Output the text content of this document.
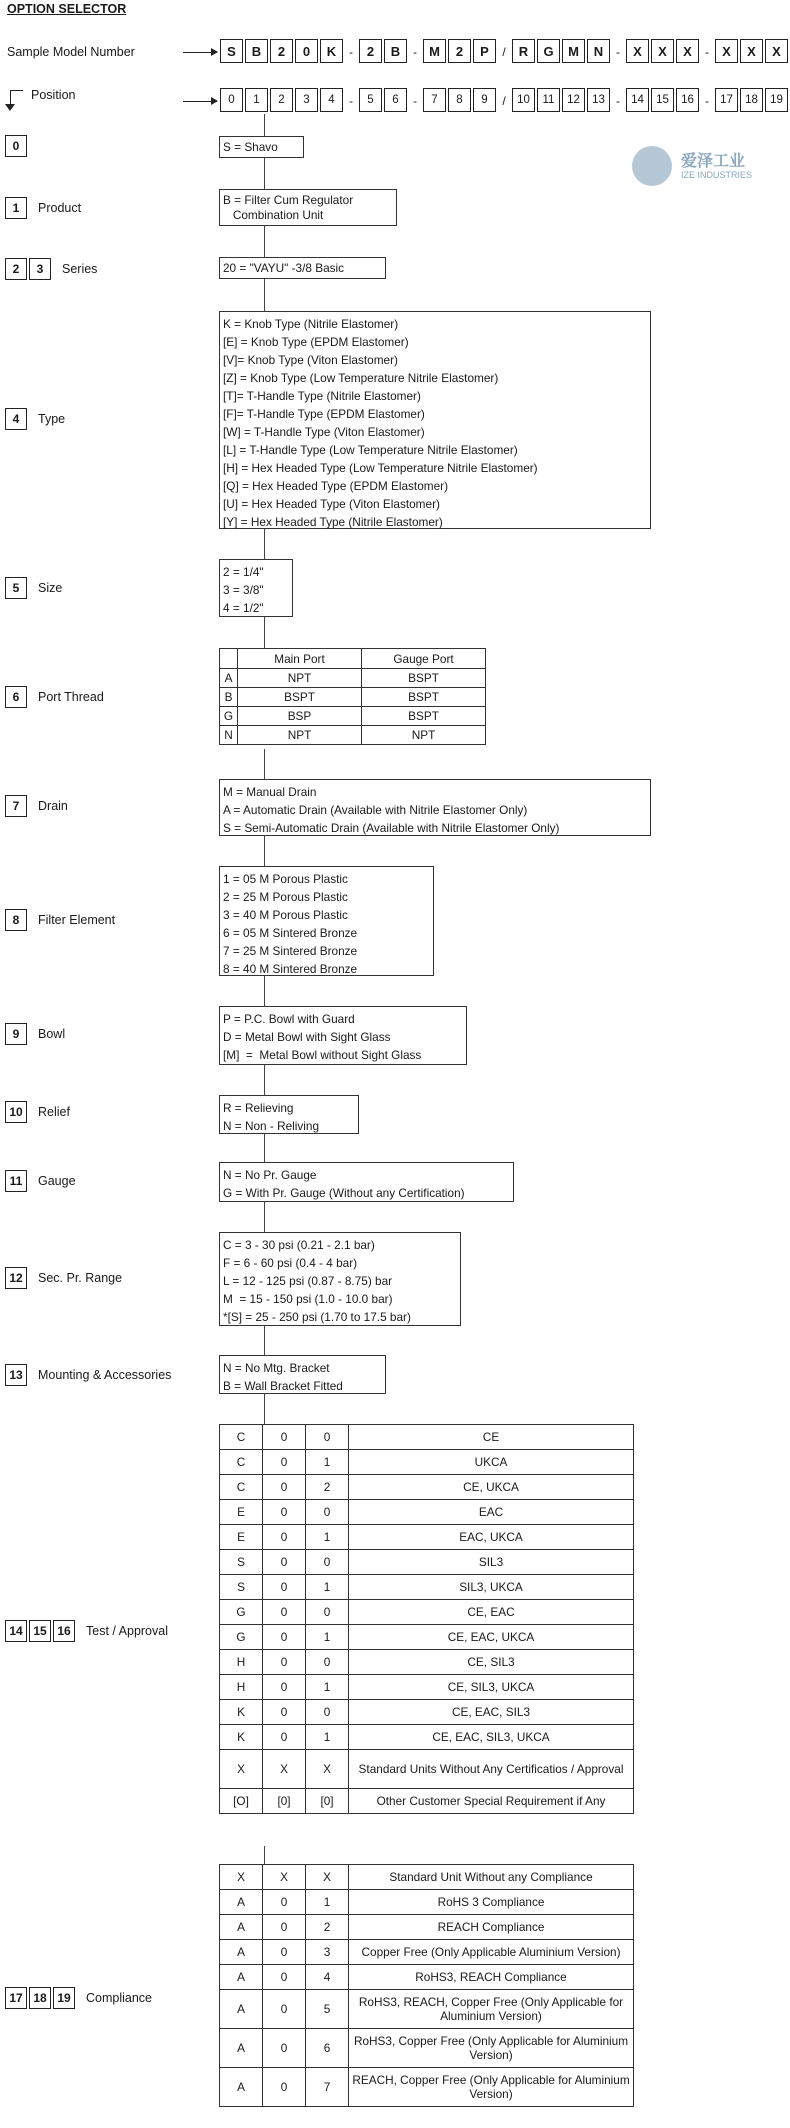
OPTION SELECTOR
Sample Model Number	S	B	2	0	K	-	2	B	- M	2	P	/	R	G	M	N	-	X	X	X	-	X	X	X
Position	0	1	2	3	4	-	5	6	-	7	8	9	/ 10	11	12	13 - 14	15	16 - 17	18	19
爱泽工业
IZE INDUSTRIES
0
1	Product
2	3	Series
4	Type
5	Size
6	Port Thread
7	Drain
8	Filter Element
9	Bowl
10	Relief
11	Gauge
12	Sec. Pr. Range
13	Mounting & Accessories
14 15 16	Test / Approval
17 18 19	Compliance
S = Shavo
B = Filter Cum Regulator
Combination Unit
20 = "VAYU" -3/8 Basic
K = Knob Type (Nitrile Elastomer)
[E] = Knob Type (EPDM Elastomer)
[V]= Knob Type (Viton Elastomer)
[Z] = Knob Type (Low Temperature Nitrile Elastomer)
[T]= T-Handle Type (Nitrile Elastomer)
[F]= T-Handle Type (EPDM Elastomer)
[W] = T-Handle Type (Viton Elastomer)
[L] = T-Handle Type (Low Temperature Nitrile Elastomer)
[H] = Hex Headed Type (Low Temperature Nitrile Elastomer)
[Q] = Hex Headed Type (EPDM Elastomer)
[U] = Hex Headed Type (Viton Elastomer)
[Y] = Hex Headed Type (Nitrile Elastomer)
2 = 1/4"
3 = 3/8"
4 = 1/2"
	Main Port	Gauge Port
A	NPT	BSPT
B	BSPT	BSPT
G	BSP	BSPT
N	NPT	NPT
M = Manual Drain
A = Automatic Drain (Available with Nitrile Elastomer Only)
S = Semi-Automatic Drain (Available with Nitrile Elastomer Only)
1 = 05 M Porous Plastic
2 = 25 M Porous Plastic
3 = 40 M Porous Plastic
6 = 05 M Sintered Bronze
7 = 25 M Sintered Bronze
8 = 40 M Sintered Bronze
P = P.C. Bowl with Guard
D = Metal Bowl with Sight Glass
[M]  =  Metal Bowl without Sight Glass
R = Relieving
N = Non - Reliving
N = No Pr. Gauge
G = With Pr. Gauge (Without any Certification)
C = 3 - 30 psi (0.21 - 2.1 bar)
F = 6 - 60 psi (0.4 - 4 bar)
L = 12 - 125 psi (0.87 - 8.75) bar
M  = 15 - 150 psi (1.0 - 10.0 bar)
*[S] = 25 - 250 psi (1.70 to 17.5 bar)
N = No Mtg. Bracket
B = Wall Bracket Fitted
C	0	0	CE
C	0	1	UKCA
C	0	2	CE, UKCA
E	0	0	EAC
E	0	1	EAC, UKCA
S	0	0	SIL3
S	0	1	SIL3, UKCA
G	0	0	CE, EAC
G	0	1	CE, EAC, UKCA
H	0	0	CE, SIL3
H	0	1	CE, SIL3, UKCA
K	0	0	CE, EAC, SIL3
K	0	1	CE, EAC, SIL3, UKCA
X	X	X	Standard Units Without Any Certificatios / Approval
[O]	[0]	[0]	Other Customer Special Requirement if Any
X	X	X	Standard Unit Without any Compliance
A	0	1	RoHS 3 Compliance
A	0	2	REACH Compliance
A	0	3	Copper Free (Only Applicable Aluminium Version)
A	0	4	RoHS3, REACH Compliance
A	0	5	RoHS3, REACH, Copper Free (Only Applicable for Aluminium Version)
A	0	6	RoHS3, Copper Free (Only Applicable for Aluminium Version)
A	0	7	REACH, Copper Free (Only Applicable for Aluminium Version)
